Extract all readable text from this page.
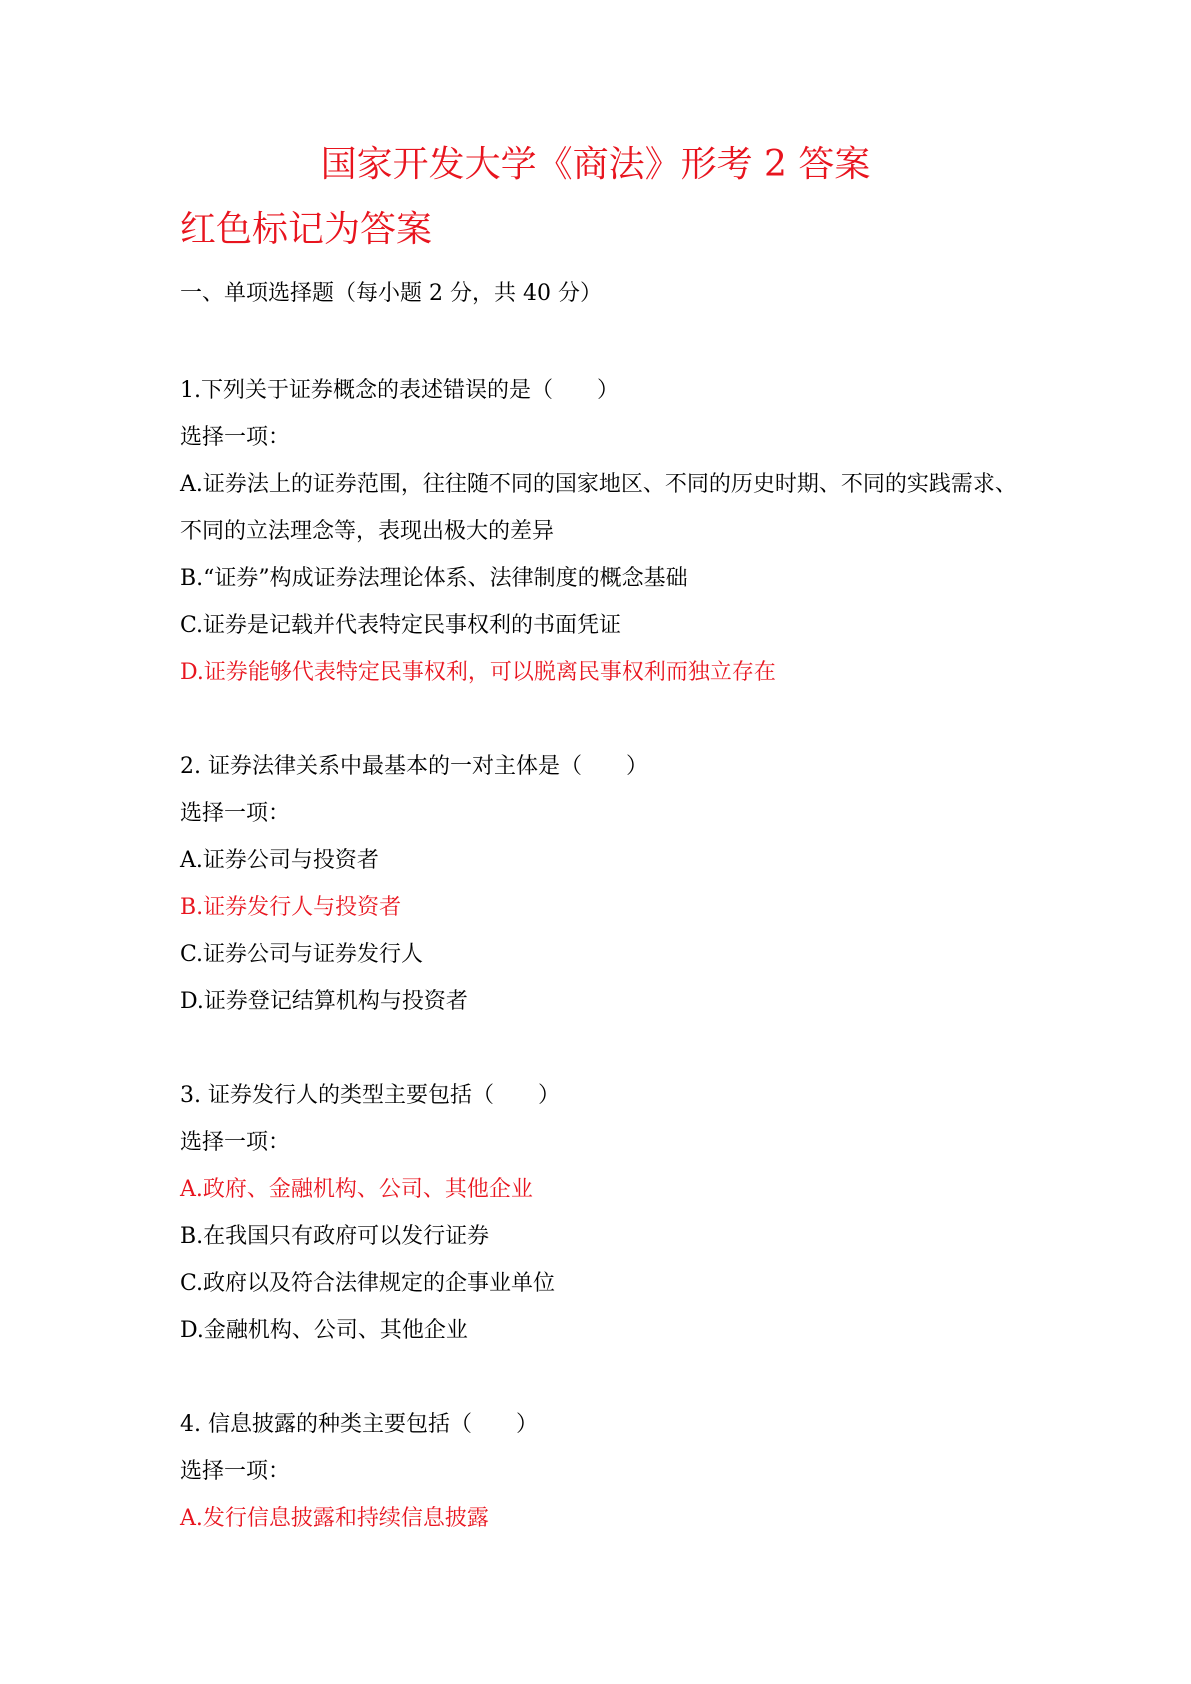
国家开发大学《商法》形考 2 答案
红色标记为答案
一、单项选择题（每小题 2 分，共 40 分）
1.下列关于证券概念的表述错误的是（　　）
选择一项：
A.证券法上的证券范围，往往随不同的国家地区、不同的历史时期、不同的实践需求、不同的立法理念等，表现出极大的差异
B.“证券”构成证券法理论体系、法律制度的概念基础
C.证券是记载并代表特定民事权利的书面凭证
D.证券能够代表特定民事权利，可以脱离民事权利而独立存在
2. 证券法律关系中最基本的一对主体是（　　）
选择一项：
A.证券公司与投资者
B.证券发行人与投资者
C.证券公司与证券发行人
D.证券登记结算机构与投资者
3. 证券发行人的类型主要包括（　　）
选择一项：
A.政府、金融机构、公司、其他企业
B.在我国只有政府可以发行证券
C.政府以及符合法律规定的企事业单位
D.金融机构、公司、其他企业
4. 信息披露的种类主要包括（　　）
选择一项：
A.发行信息披露和持续信息披露
